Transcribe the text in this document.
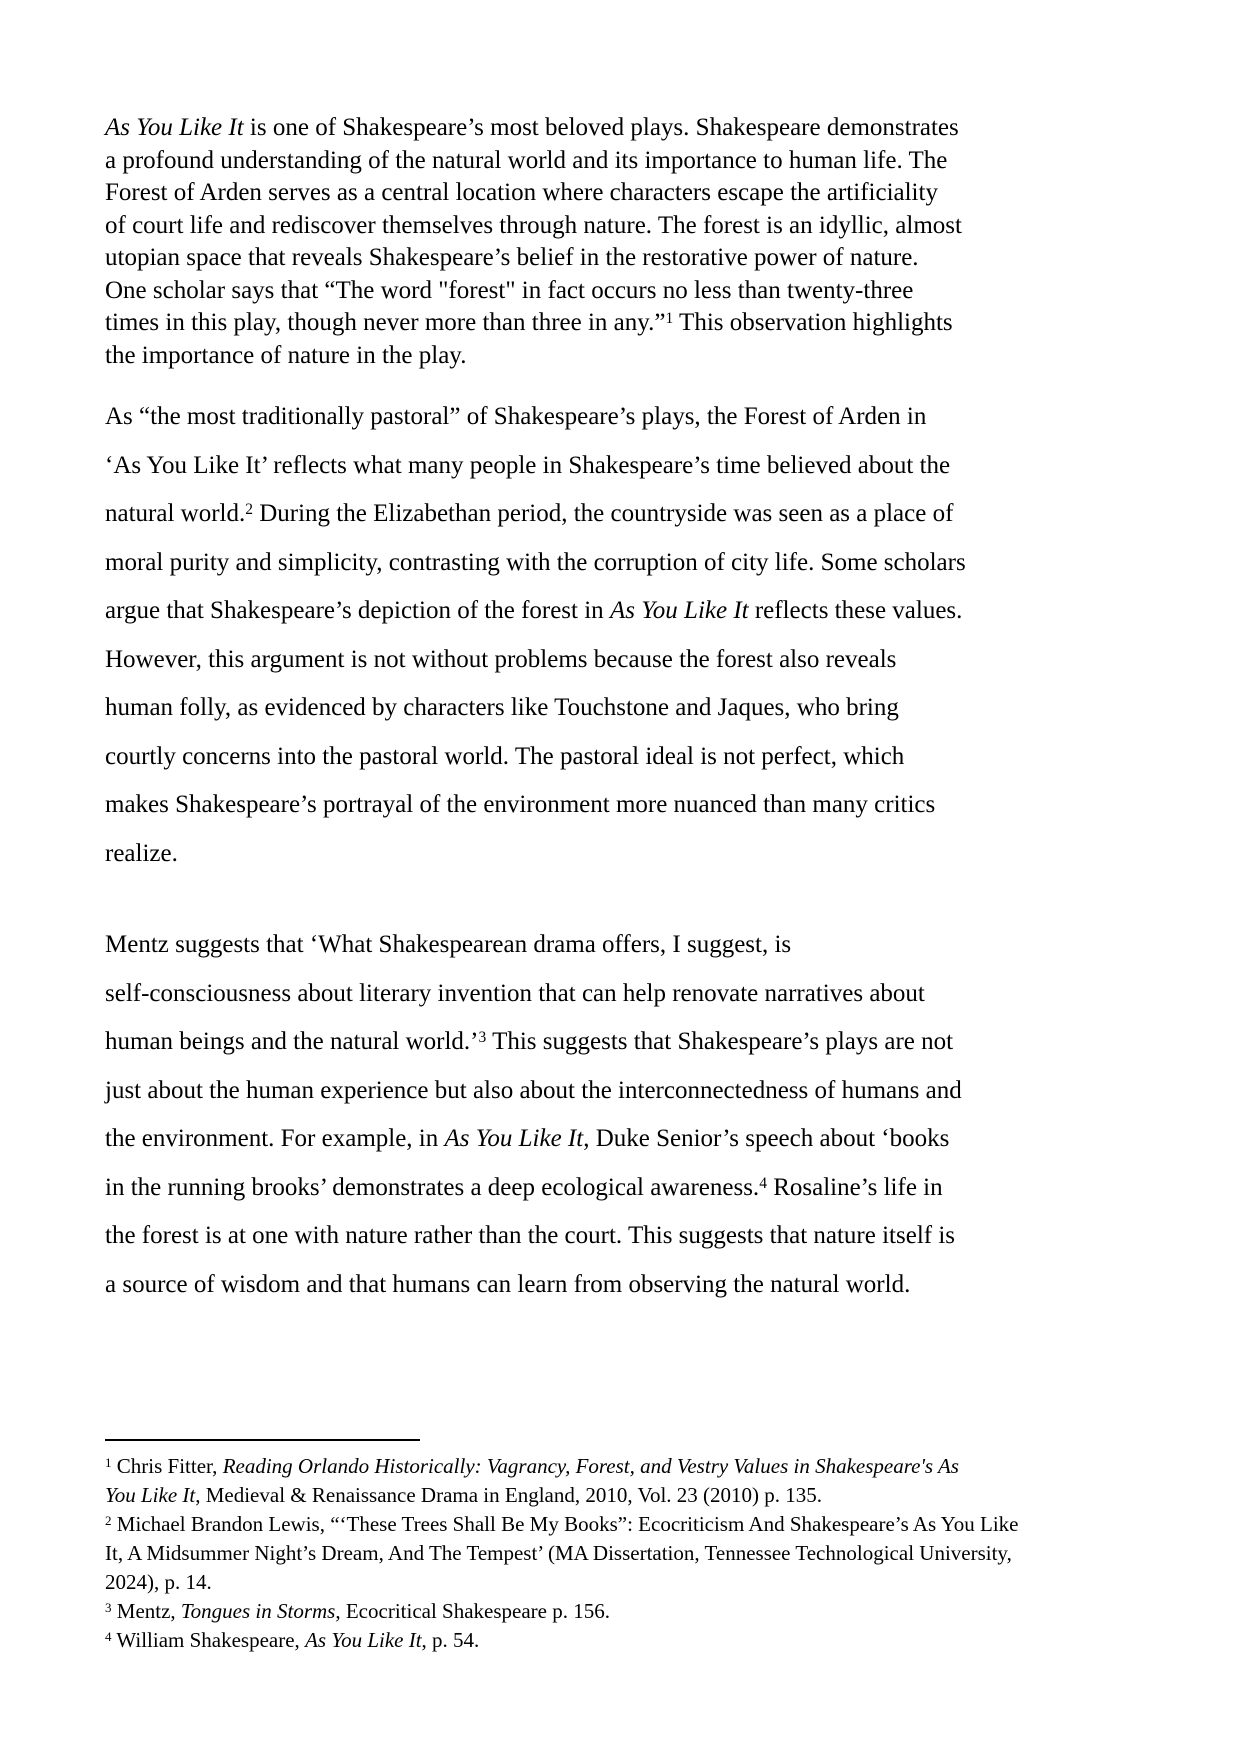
As You Like It is one of Shakespeare’s most beloved plays. Shakespeare demonstrates
a profound understanding of the natural world and its importance to human life. The
Forest of Arden serves as a central location where characters escape the artificiality
of court life and rediscover themselves through nature. The forest is an idyllic, almost
utopian space that reveals Shakespeare’s belief in the restorative power of nature.
One scholar says that “The word "forest" in fact occurs no less than twenty-three
times in this play, though never more than three in any.”$^1$ This observation highlights
the importance of nature in the play.
As “the most traditionally pastoral” of Shakespeare’s plays, the Forest of Arden in
‘As You Like It’ reflects what many people in Shakespeare’s time believed about the
natural world.$^2$ During the Elizabethan period, the countryside was seen as a place of
moral purity and simplicity, contrasting with the corruption of city life. Some scholars
argue that Shakespeare’s depiction of the forest in As You Like It reflects these values.
However, this argument is not without problems because the forest also reveals
human folly, as evidenced by characters like Touchstone and Jaques, who bring
courtly concerns into the pastoral world. The pastoral ideal is not perfect, which
makes Shakespeare’s portrayal of the environment more nuanced than many critics
realize.
Mentz suggests that ‘What Shakespearean drama offers, I suggest, is
self-consciousness about literary invention that can help renovate narratives about
human beings and the natural world.’$^3$ This suggests that Shakespeare’s plays are not
just about the human experience but also about the interconnectedness of humans and
the environment. For example, in As You Like It, Duke Senior’s speech about ‘books
in the running brooks’ demonstrates a deep ecological awareness.$^4$ Rosaline’s life in
the forest is at one with nature rather than the court. This suggests that nature itself is
a source of wisdom and that humans can learn from observing the natural world.
$^1$ Chris Fitter, Reading Orlando Historically: Vagrancy, Forest, and Vestry Values in Shakespeare's As
You Like It, Medieval & Renaissance Drama in England, 2010, Vol. 23 (2010) p. 135.
$^2$ Michael Brandon Lewis, “‘These Trees Shall Be My Books”: Ecocriticism And Shakespeare’s As You Like
It, A Midsummer Night’s Dream, And The Tempest’ (MA Dissertation, Tennessee Technological University,
2024), p. 14.
$^3$ Mentz, Tongues in Storms, Ecocritical Shakespeare p. 156.
$^4$ William Shakespeare, As You Like It, p. 54.
